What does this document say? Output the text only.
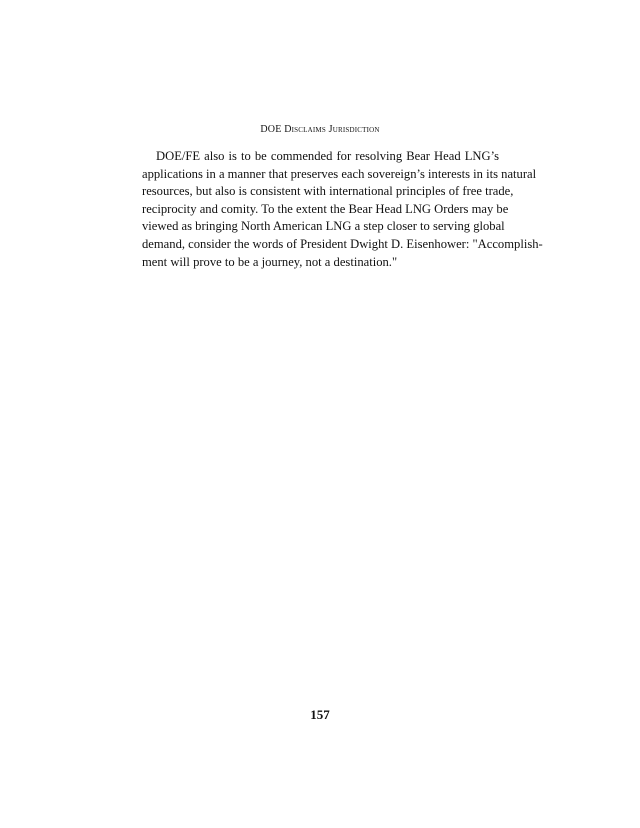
DOE Disclaims Jurisdiction
DOE/FE also is to be commended for resolving Bear Head LNG’s
applications in a manner that preserves each sovereign’s interests in its natural
resources, but also is consistent with international principles of free trade,
reciprocity and comity. To the extent the Bear Head LNG Orders may be
viewed as bringing North American LNG a step closer to serving global
demand, consider the words of President Dwight D. Eisenhower: "Accomplish-
ment will prove to be a journey, not a destination."
157
